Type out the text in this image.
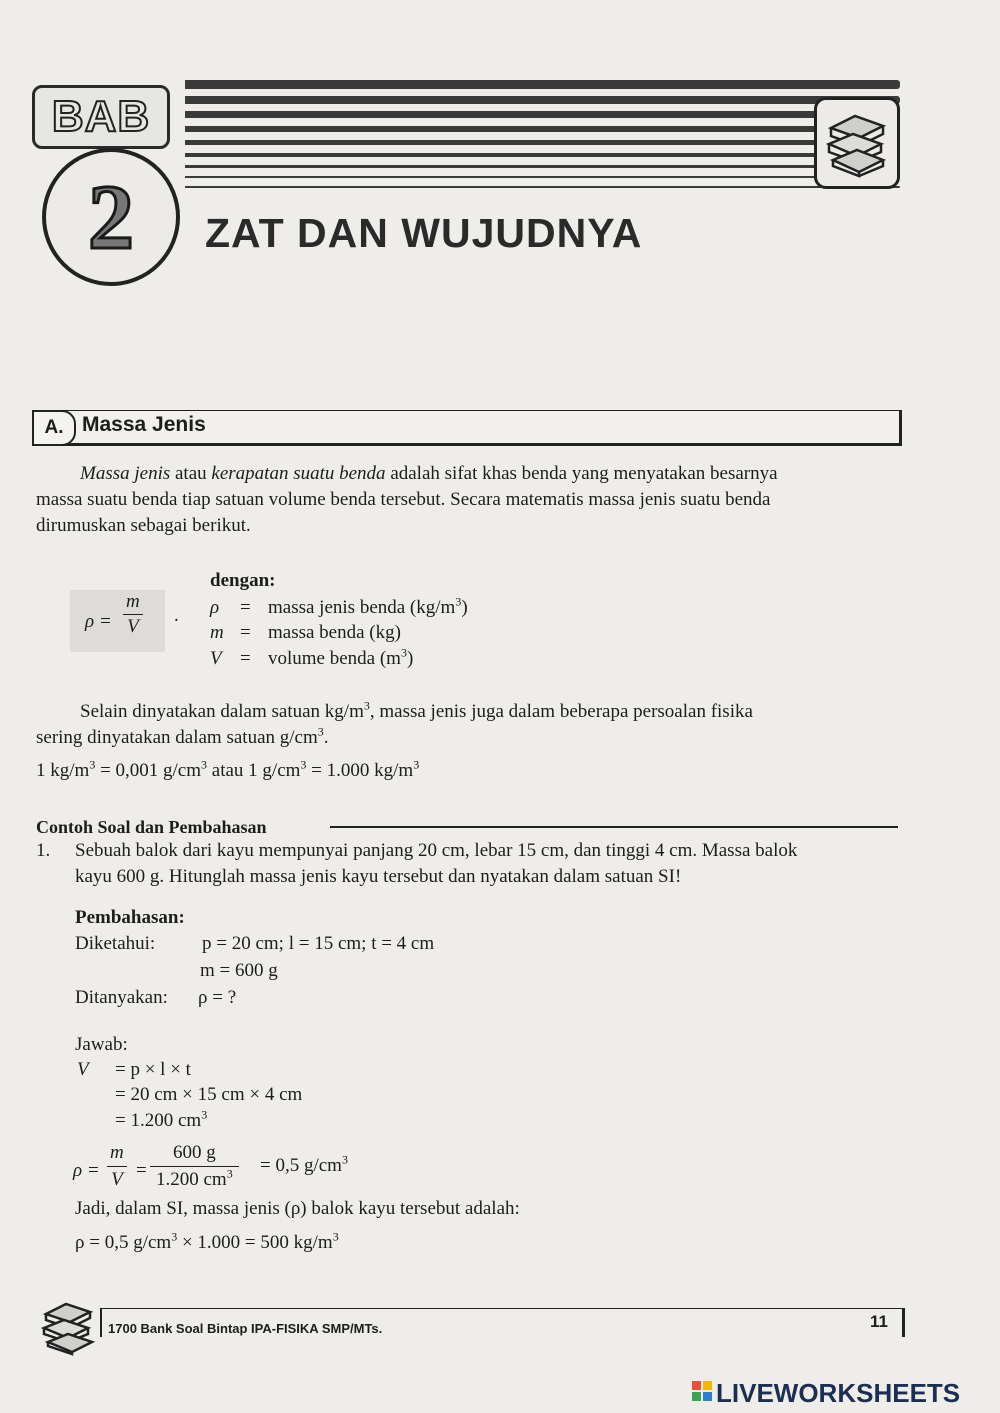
BAB
2	ZAT DAN WUJUDNYA
A. Massa Jenis
Massa jenis atau kerapatan suatu benda adalah sifat khas benda yang menyatakan besarnya
massa suatu benda tiap satuan volume benda tersebut. Secara matematis massa jenis suatu benda
dirumuskan sebagai berikut.
$\rho = \frac{m}{V}$ .
dengan:
ρ = massa jenis benda $(kg/m^3)$
m = massa benda (kg)
V = volume benda $(m^3)$
Selain dinyatakan dalam satuan $kg/m^3$, massa jenis juga dalam beberapa persoalan fisika
sering dinyatakan dalam satuan $g/cm^3$.
1 $kg/m^3 = 0,001$ $g/cm^3$ atau 1 $g/cm^3 = 1.000$ $kg/m^3$
Contoh Soal dan Pembahasan
1. Sebuah balok dari kayu mempunyai panjang 20 cm, lebar 15 cm, dan tinggi 4 cm. Massa balok
kayu 600 g. Hitunglah massa jenis kayu tersebut dan nyatakan dalam satuan SI!
Pembahasan:
Diketahui: p = 20 cm; l = 15 cm; t = 4 cm
m = 600 g
Ditanyakan: ρ = ?
Jawab:
V = p × l × t
= 20 cm × 15 cm × 4 cm
= 1.200 $cm^3$
$\rho = \frac{m}{V} = \frac{600 g}{1.200 cm^3} = 0,5$ $g/cm^3$
Jadi, dalam SI, massa jenis (ρ) balok kayu tersebut adalah:
ρ = 0,5 $g/cm^3 \times 1.000 = 500$ $kg/m^3$
1700 Bank Soal Bintap IPA-FISIKA SMP/MTs.	11
LIVEWORKSHEETS
